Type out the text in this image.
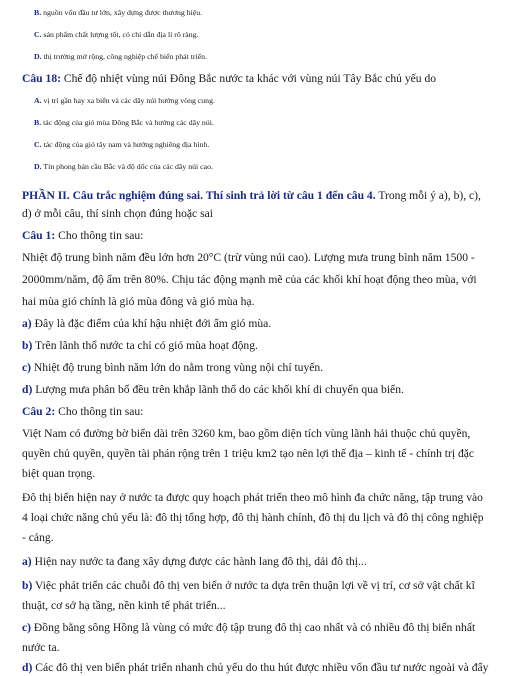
B. nguồn vốn đầu tư lớn, xây dựng được thương hiệu.
C. sản phẩm chất lượng tốt, có chỉ dẫn địa lí rõ ràng.
D. thị trường mở rộng, công nghiệp chế biến phát triển.
Câu 18: Chế độ nhiệt vùng núi Đông Bắc nước ta khác với vùng núi Tây Bắc chủ yếu do
A. vị trí gần hay xa biển và các dãy núi hướng vòng cung.
B. tác động của gió mùa Đông Bắc và hướng các dãy núi.
C. tác động của gió tây nam và hướng nghiêng địa hình.
D. Tín phong bán cầu Bắc và độ dốc của các dãy núi cao.
PHẦN II. Câu trắc nghiệm đúng sai. Thí sinh trả lời từ câu 1 đến câu 4. Trong mỗi ý a), b), c),
d) ở mỗi câu, thí sinh chọn đúng hoặc sai
Câu 1: Cho thông tin sau:
Nhiệt độ trung bình năm đều lớn hơn 20°C (trừ vùng núi cao). Lượng mưa trung bình năm 1500 -
2000mm/năm, độ ẩm trên 80%. Chịu tác động mạnh mẽ của các khối khí hoạt động theo mùa, với
hai mùa gió chính là gió mùa đông và gió mùa hạ.
a) Đây là đặc điểm của khí hậu nhiệt đới ẩm gió mùa.
b) Trên lãnh thổ nước ta chỉ có gió mùa hoạt động.
c) Nhiệt độ trung bình năm lớn do nằm trong vùng nội chí tuyến.
d) Lượng mưa phân bố đều trên khắp lãnh thổ do các khối khí di chuyển qua biển.
Câu 2: Cho thông tin sau:
Việt Nam có đường bờ biển dài trên 3260 km, bao gồm diện tích vùng lãnh hải thuộc chủ quyền,
quyền chủ quyền, quyền tài phán rộng trên 1 triệu km2 tạo nên lợi thế địa – kinh tế - chính trị đặc
biệt quan trọng.
Đô thị biển hiện nay ở nước ta được quy hoạch phát triển theo mô hình đa chức năng, tập trung vào
4 loại chức năng chủ yếu là: đô thị tổng hợp, đô thị hành chính, đô thị du lịch và đô thị công nghiệp
- cảng.
a) Hiện nay nước ta đang xây dựng được các hành lang đô thị, dải đô thị...
b) Việc phát triển các chuỗi đô thị ven biển ở nước ta dựa trên thuận lợi về vị trí, cơ sở vật chất kĩ
thuật, cơ sở hạ tầng, nền kinh tế phát triển...
c) Đồng bằng sông Hồng là vùng có mức độ tập trung đô thị cao nhất và có nhiều đô thị biển nhất
nước ta.
d) Các đô thị ven biển phát triển nhanh chủ yếu do thu hút được nhiều vốn đầu tư nước ngoài và đẩy
